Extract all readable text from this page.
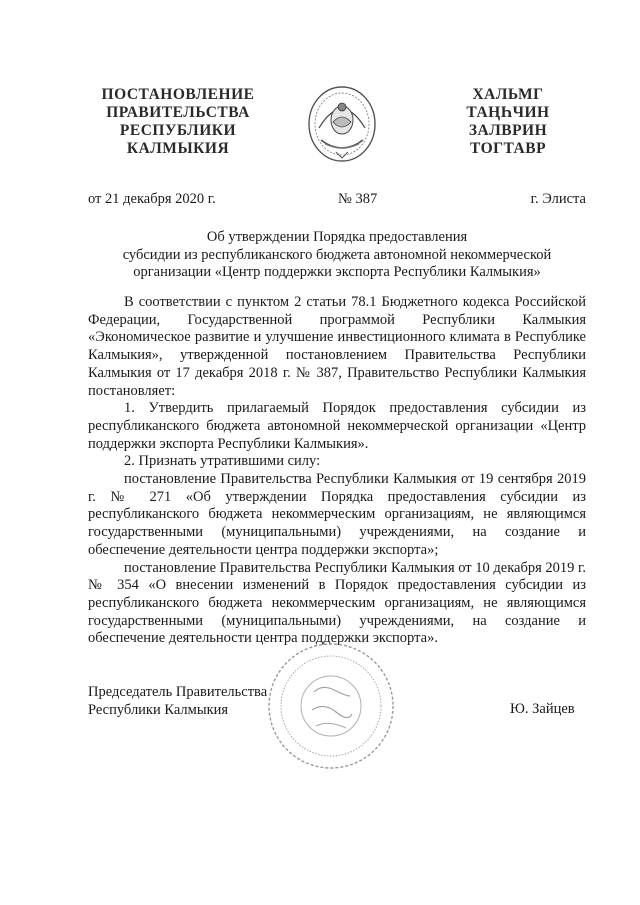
ПОСТАНОВЛЕНИЕ
ПРАВИТЕЛЬСТВА
РЕСПУБЛИКИ
КАЛМЫКИЯ
ХАЛЬМГ
ТАҢҺЧИН
ЗАЛВРИН
ТОГТАВР
от 21 декабря 2020 г.	№ 387	г. Элиста
Об утверждении Порядка предоставления
субсидии из республиканского бюджета автономной некоммерческой
организации «Центр поддержки экспорта Республики Калмыкия»

В соответствии с пунктом 2 статьи 78.1 Бюджетного кодекса Российской Федерации, Государственной программой Республики Калмыкия «Экономическое развитие и улучшение инвестиционного климата в Республике Калмыкия», утвержденной постановлением Правительства Республики Калмыкия от 17 декабря 2018 г. № 387, Правительство Республики Калмыкия постановляет:

1. Утвердить прилагаемый Порядок предоставления субсидии из республиканского бюджета автономной некоммерческой организации «Центр поддержки экспорта Республики Калмыкия».

2. Признать утратившими силу:

постановление Правительства Республики Калмыкия от 19 сентября 2019 г. № 271 «Об утверждении Порядка предоставления субсидии из республиканского бюджета некоммерческим организациям, не являющимся государственными (муниципальными) учреждениями, на создание и обеспечение деятельности центра поддержки экспорта»;

постановление Правительства Республики Калмыкия от 10 декабря 2019 г. № 354 «О внесении изменений в Порядок предоставления субсидии из республиканского бюджета некоммерческим организациям, не являющимся государственными (муниципальными) учреждениями, на создание и обеспечение деятельности центра поддержки экспорта».

Председатель Правительства
Республики Калмыкия	Ю. Зайцев
